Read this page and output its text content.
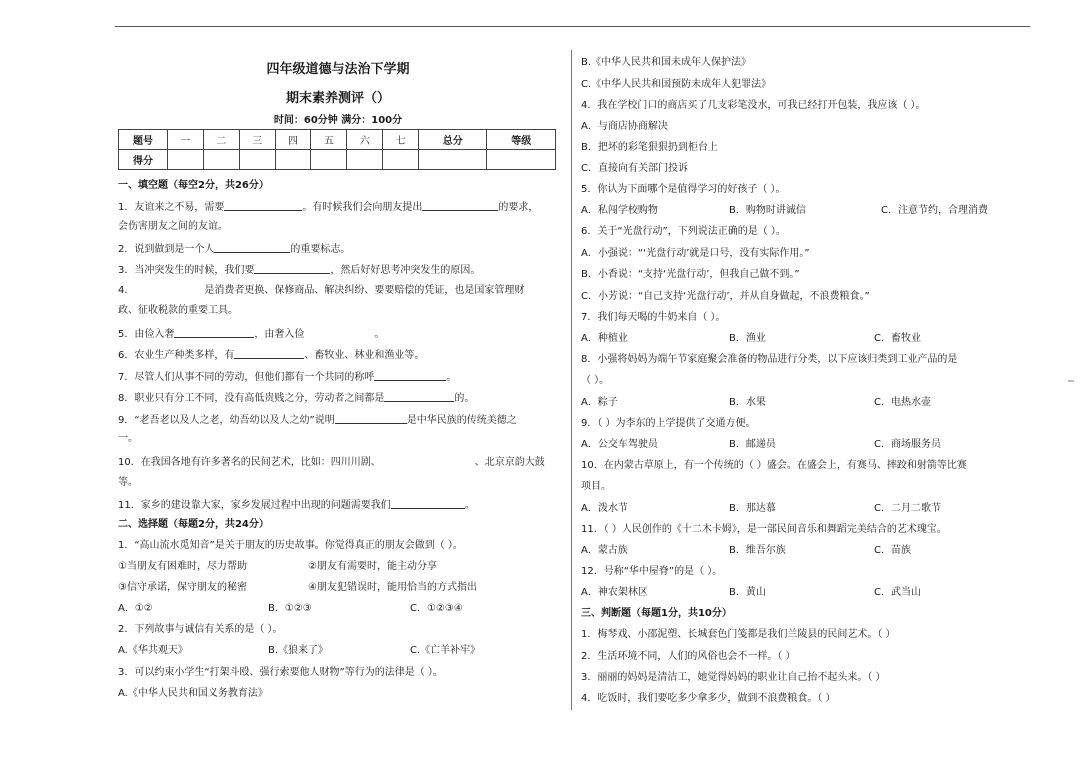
四年级道德与法治下学期
期末素养测评（）
时间：60分钟 满分：100分
题号	一	二	三	四	五	六	七	总分	等级
得分									
一、填空题（每空2分，共26分）
1．友谊来之不易，需要	。有时候我们会向朋友提出	的要求，
会伤害朋友之间的友谊。
2．说到做到是一个人	的重要标志。
3．当冲突发生的时候，我们要	，然后好好思考冲突发生的原因。
4．	是消费者更换、保修商品、解决纠纷、要要赔偿的凭证，也是国家管理财
政、征收税款的重要工具。
5．由俭入奢	，由奢入俭	。
6．农业生产种类多样，有	、畜牧业、林业和渔业等。
7．尽管人们从事不同的劳动，但他们都有一个共同的称呼	。
8．职业只有分工不同，没有高低贵贱之分，劳动者之间都是	的。
9．“老吾老以及人之老，幼吾幼以及人之幼”说明	是中华民族的传统美德之
一。
10．在我国各地有许多著名的民间艺术，比如：四川川剧、	、北京京韵大鼓
等。
11．家乡的建设靠大家，家乡发展过程中出现的问题需要我们	。
二、选择题（每题2分，共24分）
1．“高山流水觅知音”是关于朋友的历史故事。你觉得真正的朋友会做到（ ）。
①当朋友有困难时，尽力帮助	②朋友有需要时，能主动分享
③信守承诺，保守朋友的秘密	④朋友犯错误时，能用恰当的方式指出
A．①②	B．①②③	C．①②③④
2．下列故事与诚信有关系的是（ ）。
A.《华共观天》	B.《狼来了》	C.《亡羊补牢》
3．可以约束小学生“打架斗殴、强行索要他人财物”等行为的法律是（ ）。
A.《中华人民共和国义务教育法》
B.《中华人民共和国未成年人保护法》
C.《中华人民共和国预防未成年人犯罪法》
4．我在学校门口的商店买了几支彩笔没水，可我已经打开包装，我应该（ ）。
A．与商店协商解决
B．把坏的彩笔狠狠扔到柜台上
C．直接向有关部门投诉
5．你认为下面哪个是值得学习的好孩子（ ）。
A．私闯学校购物	B．购物时讲诚信	C．注意节约，合理消费
6．关于“光盘行动”，下列说法正确的是（ ）。
A．小强说：“‘光盘行动’就是口号，没有实际作用。”
B．小香说：“支持‘光盘行动’，但我自己做不到。”
C．小芳说：“自己支持‘光盘行动’，并从自身做起，不浪费粮食。”
7．我们每天喝的牛奶来自（ ）。
A．种植业	B．渔业	C．畜牧业
8．小强将妈妈为端午节家庭聚会准备的物品进行分类，以下应该归类到工业产品的是
（ ）。
A．粽子	B．水果	C．电热水壶
9．（ ）为李东的上学提供了交通方便。
A．公交车驾驶员	B．邮递员	C．商场服务员
10．在内蒙古草原上，有一个传统的（ ）盛会。在盛会上，有赛马、摔跤和射箭等比赛
项目。
A．泼水节	B．那达慕	C．二月二歌节
11．（ ）人民创作的《十二木卡姆》，是一部民间音乐和舞蹈完美结合的艺术瑰宝。
A．蒙古族	B．维吾尔族	C．苗族
12．号称“华中屋脊”的是（ ）。
A．神农架林区	B．黄山	C．武当山
三、判断题（每题1分，共10分）
1．梅琴戏、小邵泥塑、长城套色门笺都是我们兰陵县的民间艺术。（ ）
2．生活环境不同，人们的风俗也会不一样。（ ）
3．丽丽的妈妈是清洁工，她觉得妈妈的职业让自己抬不起头来。（ ）
4．吃饭时，我们要吃多少拿多少，做到不浪费粮食。（ ）
